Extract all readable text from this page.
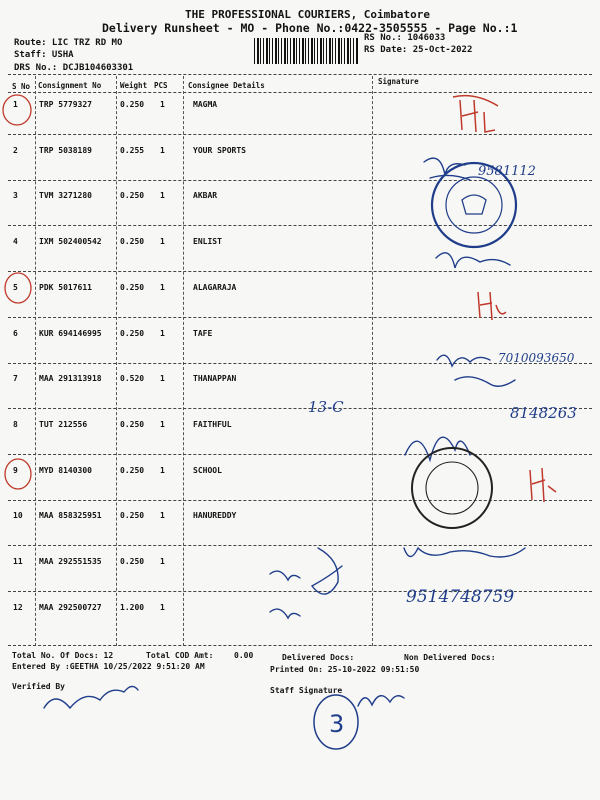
THE PROFESSIONAL COURIERS, Coimbatore
Delivery Runsheet - MO - Phone No.:0422-3505555 - Page No.:1
Route: LIC TRZ RD MO
Staff: USHA
DRS No.: DCJB104603301
RS No.: 1046033
RS Date: 25-Oct-2022
S No Consignment No	Weight PCS	Consignee Details	Signature
1	TRP 5779327	0.250 1	MAGMA
2	TRP 5038189	0.255 1	YOUR SPORTS
3	TVM 3271280	0.250 1	AKBAR
4	IXM 502400542 0.250 1	ENLIST
5	PDK 5017611	0.250 1	ALAGARAJA
6	KUR 694146995 0.250 1	TAFE
7	MAA 291313918 0.520 1	THANAPPAN
8	TUT 212556	0.250 1	FAITHFUL
9	MYD 8140300	0.250 1	SCHOOL
10 MAA 858325951 0.250 1	HANUREDDY
11 MAA 292551535 0.250 1
12 MAA 292500727 1.200 1
Total No. Of Docs: 12	Total COD Amt:	0.00	Delivered Docs:	Non Delivered Docs:
Entered By :GEETHA 10/25/2022 9:51:20 AM	Printed On: 25-10-2022 09:51:50
Verified By	Staff Signature
3
9581112
7010093650
8148263
13-C
9514748759
